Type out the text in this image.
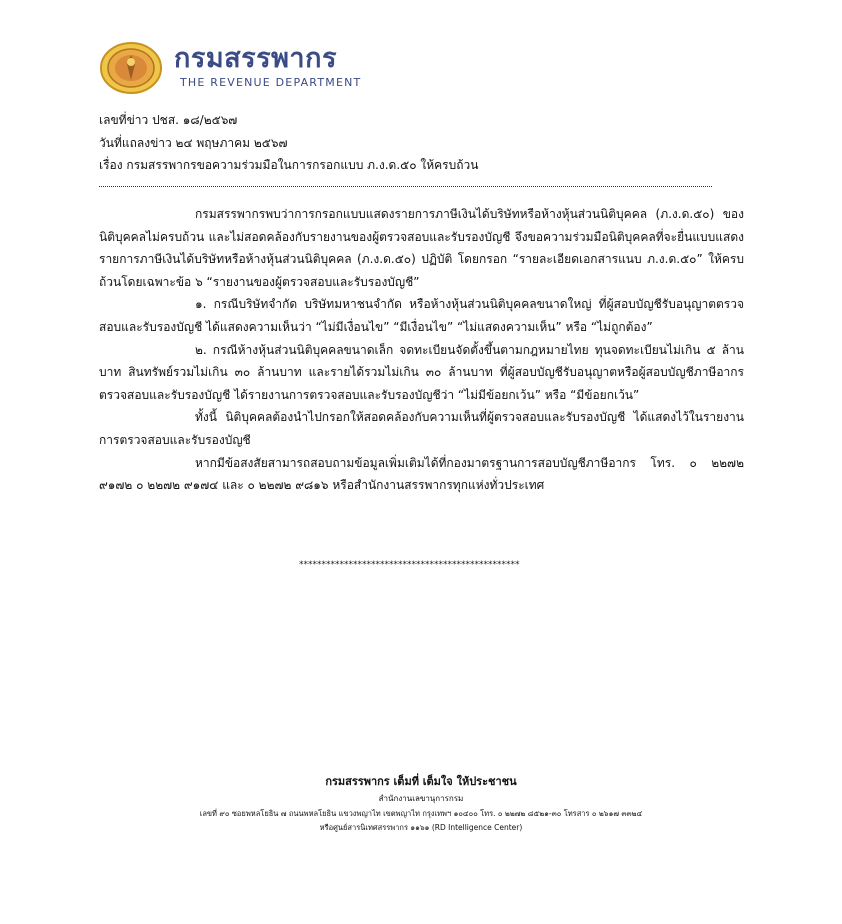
กรมสรรพากร
THE REVENUE DEPARTMENT
เลขที่ข่าว ปชส. ๑๘/๒๕๖๗
วันที่แถลงข่าว ๒๔ พฤษภาคม ๒๕๖๗
เรื่อง กรมสรรพากรขอความร่วมมือในการกรอกแบบ ภ.ง.ด.๕๐ ให้ครบถ้วน

กรมสรรพากรพบว่าการกรอกแบบแสดงรายการภาษีเงินได้บริษัทหรือห้างหุ้นส่วนนิติบุคคล (ภ.ง.ด.๕๐) ของนิติบุคคลไม่ครบถ้วน และไม่สอดคล้องกับรายงานของผู้ตรวจสอบและรับรองบัญชี จึงขอความร่วมมือนิติบุคคลที่จะยื่นแบบแสดงรายการภาษีเงินได้บริษัทหรือห้างหุ้นส่วนนิติบุคคล (ภ.ง.ด.๕๐) ปฏิบัติ โดยกรอก “รายละเอียดเอกสารแนบ ภ.ง.ด.๕๐” ให้ครบถ้วนโดยเฉพาะข้อ ๖ “รายงานของผู้ตรวจสอบและรับรองบัญชี”

๑. กรณีบริษัทจำกัด บริษัทมหาชนจำกัด หรือห้างหุ้นส่วนนิติบุคคลขนาดใหญ่ ที่ผู้สอบบัญชีรับอนุญาตตรวจสอบและรับรองบัญชี ได้แสดงความเห็นว่า “ไม่มีเงื่อนไข” “มีเงื่อนไข” “ไม่แสดงความเห็น” หรือ “ไม่ถูกต้อง”

๒. กรณีห้างหุ้นส่วนนิติบุคคลขนาดเล็ก จดทะเบียนจัดตั้งขึ้นตามกฎหมายไทย ทุนจดทะเบียนไม่เกิน ๕ ล้านบาท สินทรัพย์รวมไม่เกิน ๓๐ ล้านบาท และรายได้รวมไม่เกิน ๓๐ ล้านบาท ที่ผู้สอบบัญชีรับอนุญาตหรือผู้สอบบัญชีภาษีอากรตรวจสอบและรับรองบัญชี ได้รายงานการตรวจสอบและรับรองบัญชีว่า “ไม่มีข้อยกเว้น” หรือ “มีข้อยกเว้น”

ทั้งนี้ นิติบุคคลต้องนำไปกรอกให้สอดคล้องกับความเห็นที่ผู้ตรวจสอบและรับรองบัญชี ได้แสดงไว้ในรายงานการตรวจสอบและรับรองบัญชี

หากมีข้อสงสัยสามารถสอบถามข้อมูลเพิ่มเติมได้ที่กองมาตรฐานการสอบบัญชีภาษีอากร โทร. ๐ ๒๒๗๒ ๙๑๗๒ ๐ ๒๒๗๒ ๙๑๗๔ และ ๐ ๒๒๗๒ ๙๘๑๖ หรือสำนักงานสรรพากรทุกแห่งทั่วประเทศ

*************************************************
กรมสรรพากร เต็มที่ เต็มใจ ให้ประชาชน
สำนักงานเลขานุการกรม
เลขที่ ๙๐ ซอยพหลโยธิน ๗ ถนนพหลโยธิน แขวงพญาไท เขตพญาไท กรุงเทพฯ ๑๐๔๐๐ โทร. ๐ ๒๒๗๒ ๘๕๒๑-๓๐ โทรสาร ๐ ๒๖๑๗ ๓๓๒๔
หรือศูนย์สารนิเทศสรรพากร ๑๑๖๑ (RD Intelligence Center)
